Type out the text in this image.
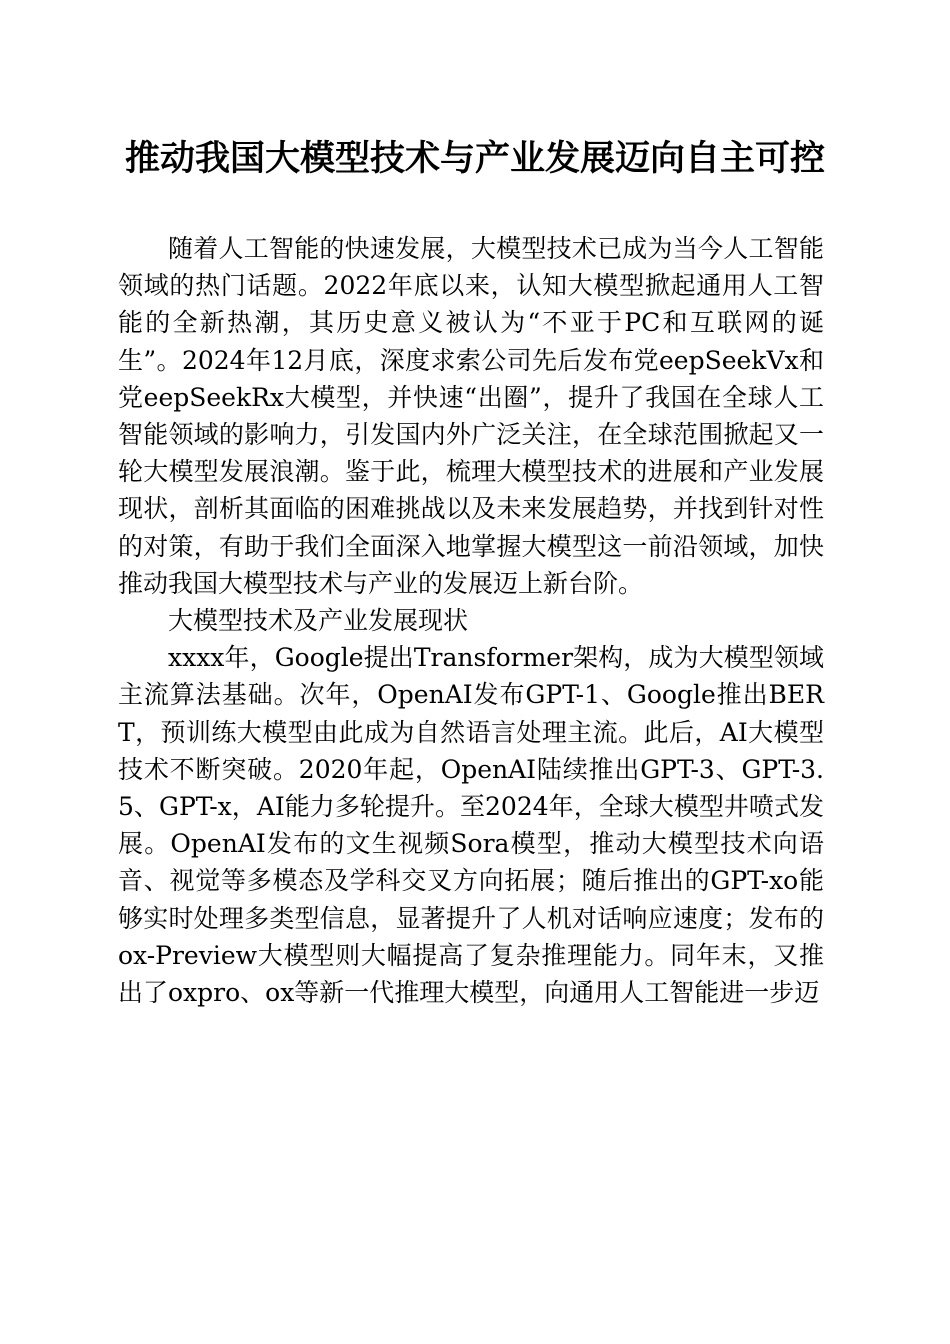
推动我国大模型技术与产业发展迈向自主可控

随着人工智能的快速发展，大模型技术已成为当今人工智能领域的热门话题。2022年底以来，认知大模型掀起通用人工智能的全新热潮，其历史意义被认为“不亚于PC和互联网的诞生”。2024年12月底，深度求索公司先后发布党eepSeekVx和党eepSeekRx大模型，并快速“出圈”，提升了我国在全球人工智能领域的影响力，引发国内外广泛关注，在全球范围掀起又一轮大模型发展浪潮。鉴于此，梳理大模型技术的进展和产业发展现状，剖析其面临的困难挑战以及未来发展趋势，并找到针对性的对策，有助于我们全面深入地掌握大模型这一前沿领域，加快推动我国大模型技术与产业的发展迈上新台阶。

大模型技术及产业发展现状

xxxx年，Google提出Transformer架构，成为大模型领域主流算法基础。次年，OpenAI发布GPT-1、Google推出BERT，预训练大模型由此成为自然语言处理主流。此后，AI大模型技术不断突破。2020年起，OpenAI陆续推出GPT-3、GPT-3.5、GPT-x，AI能力多轮提升。至2024年，全球大模型井喷式发展。OpenAI发布的文生视频Sora模型，推动大模型技术向语音、视觉等多模态及学科交叉方向拓展；随后推出的GPT-xo能够实时处理多类型信息，显著提升了人机对话响应速度；发布的ox-Preview大模型则大幅提高了复杂推理能力。同年末，又推出了oxpro、ox等新一代推理大模型，向通用人工智能进一步迈
